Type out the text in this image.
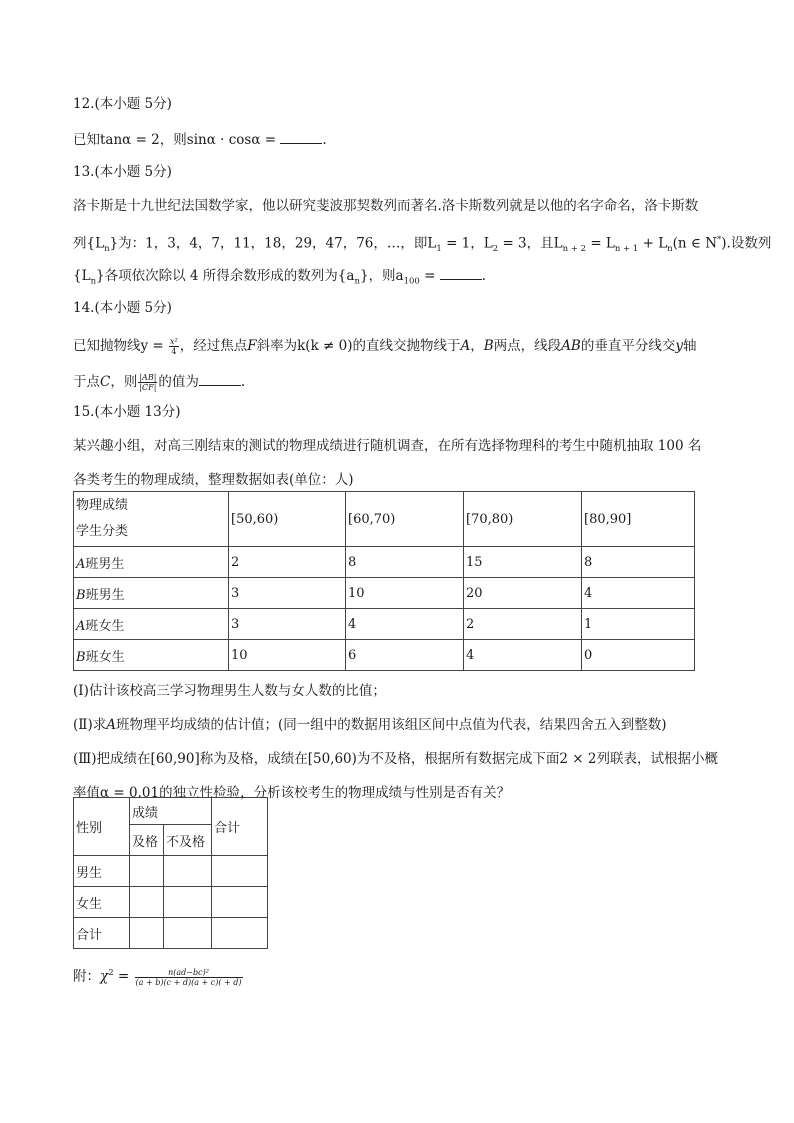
12.(本小题 5分)
已知tanα = 2，则sinα · cosα =	.
13.(本小题 5分)
洛卡斯是十九世纪法国数学家，他以研究斐波那契数列而著名.洛卡斯数列就是以他的名字命名，洛卡斯数
列$\{L_n\}$为：1，3，4，7，11，18，29，47，76，…，即$L_1 = 1$，$L_2 = 3$，且$L_{n + 2} = L_{n + 1} + L_n(n$ ∈ N*).设数列
$\{L_n\}$各项依次除以 4 所得余数形成的数列为$\{a_n\}$，则$a_{100}$ =	.
14.(本小题 5分)
已知抛物线$y = \frac{\text{x²}}{4}$ ，经过焦点F斜率为k(k ≠ 0)的直线交抛物线于A，B两点，线段AB的垂直平分线交y轴
于点C，则 $\frac{|AB|}{|CF|}$ 的值为	.
15.(本小题 13分)
某兴趣小组，对高三刚结束的测试的物理成绩进行随机调查，在所有选择物理科的考生中随机抽取 100 名
各类考生的物理成绩，整理数据如表(单位：人)
物理成绩
学生分类	[50,60)	[60,70)	[70,80)	[80,90]
A班男生	2	8	15	8
B班男生	3	10	20	4
A班女生	3	4	2	1
B班女生	10	6	4	0
(Ⅰ)估计该校高三学习物理男生人数与女人数的比值；
(Ⅱ)求A班物理平均成绩的估计值；(同一组中的数据用该组区间中点值为代表，结果四舍五入到整数)
(Ⅲ)把成绩在[60,90]称为及格，成绩在[50,60)为不及格，根据所有数据完成下面2 × 2列联表，试根据小概
率值α = 0.01的独立性检验，分析该校考生的物理成绩与性别是否有关？
性别	成绩		合计
	及格	不及格	
男生			
女生			
合计			
附：$\chi^2 = \frac{\text{n(ad−bc)²}}{(a + b)(c + d)(a + c)( + d)}$
